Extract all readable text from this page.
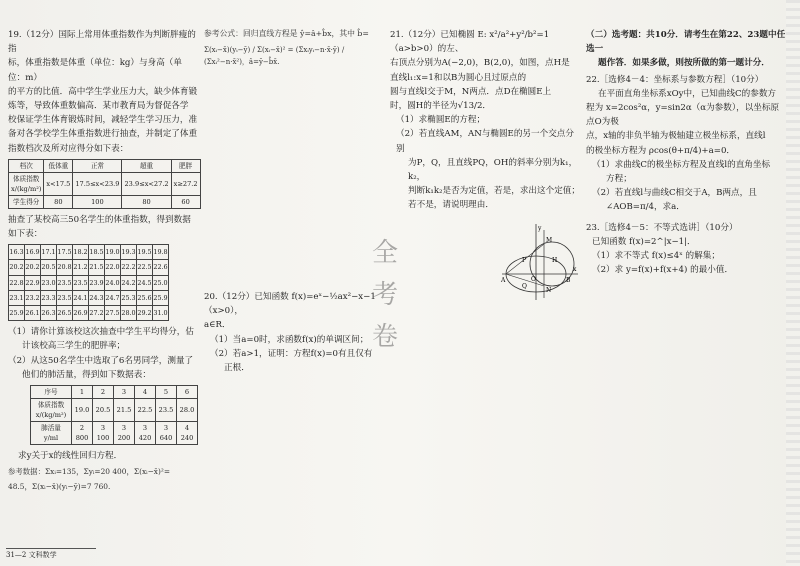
19.（12分）国际上常用体重指数作为判断胖瘦的指

标，体重指数是体重（单位：kg）与身高（单位：m）

的平方的比值．高中学生学业压力大，缺少体育锻

炼等，导致体重数偏高．某市教育局为督促各学

校保证学生体育锻炼时间，减轻学生学习压力，准

备对各学校学生体重指数进行抽查，并制定了体重

指数档次及所对应得分如下表：

档次	低体重	正常	超重	肥胖
体质指数 x/(kg/m²)	x<17.5	17.5≤x<23.9	23.9≤x<27.2	x≥27.2
学生得分	80	100	80	60

抽查了某校高三50名学生的体重指数，得到数据如下表：

16.3	16.9	17.1	17.5	18.2	18.5	19.0	19.3	19.5	19.8
20.2	20.2	20.5	20.8	21.2	21.5	22.0	22.2	22.5	22.6
22.8	22.9	23.0	23.5	23.5	23.9	24.0	24.2	24.5	25.0
23.1	23.2	23.3	23.5	24.1	24.3	24.7	25.3	25.6	25.9
25.9	26.1	26.3	26.5	26.9	27.2	27.5	28.0	29.2	31.0

（1）请你计算该校这次抽查中学生平均得分，估

计该校高三学生的肥胖率；

（2）从这50名学生中选取了6名男同学，测量了

他们的肺活量，得到如下数据表：

序号	1	2	3	4	5	6
体质指数 x/(kg/m²)	19.0	20.5	21.5	22.5	23.5	28.0
肺活量 y/ml	2 800	3 100	3 200	3 420	3 640	4 240

求y关于x的线性回归方程．

参考数据：Σxᵢ=135，Σyᵢ=20 400，Σ(xᵢ−x̄)²=

48.5，Σ(xᵢ−x̄)(yᵢ−ȳ)=7 760.

参考公式：回归直线方程是 ŷ=â+b̂x，其中 b̂=

Σ(xᵢ−x̄)(yᵢ−ȳ) / Σ(xᵢ−x̄)² = (Σxᵢyᵢ−n·x̄·ȳ) / (Σxᵢ²−n·x̄²)，â=ȳ−b̂x̄.

20.（12分）已知函数 f(x)=eˣ−½ax²−x−1（x>0），

a∈R．

（1）当a=0时，求函数f(x)的单调区间；

（2）若a>1，证明：方程f(x)=0有且仅有

正根．

全
考
卷

21.（12分）已知椭圆 E: x²/a²+y²/b²=1（a>b>0）的左、

右顶点分别为A(−2,0)，B(2,0)，如图，点H是

直线l₁:x=1和以B为圆心且过原点的

圆与直线l交于M，N两点．点D在椭圆E上

时，圆H的半径为√13/2．

（1）求椭圆E的方程；

（2）若直线AM，AN与椭圆E的另一个交点分别

为P，Q，且直线PQ，OH的斜率分别为k₁，k₂，

判断k₁k₂是否为定值，若是，求出这个定值；

若不是，请说明理由．

y
x
A	O	B
H
M
N
P
Q

（二）选考题：共10分．请考生在第22、23题中任选一

题作答．如果多做，则按所做的第一题计分．

22.［选修4－4：坐标系与参数方程］（10分）

在平面直角坐标系xOy中，已知曲线C的参数方

程为 x=2cos²α，y=sin2α（α为参数），以坐标原点O为极

点，x轴的非负半轴为极轴建立极坐标系，直线l

的极坐标方程为 ρcos(θ+π/4)+a=0．

（1）求曲线C的极坐标方程及直线l的直角坐标

方程；

（2）若直线l与曲线C相交于A，B两点，且

∠AOB=π/4，求a．

23.［选修4－5：不等式选讲］（10分）

已知函数 f(x)=2^|x−1|．

（1）求不等式 f(x)≤4ˣ 的解集；

（2）求 y=f(x)+f(x+4) 的最小值．

31—2 文科数学
